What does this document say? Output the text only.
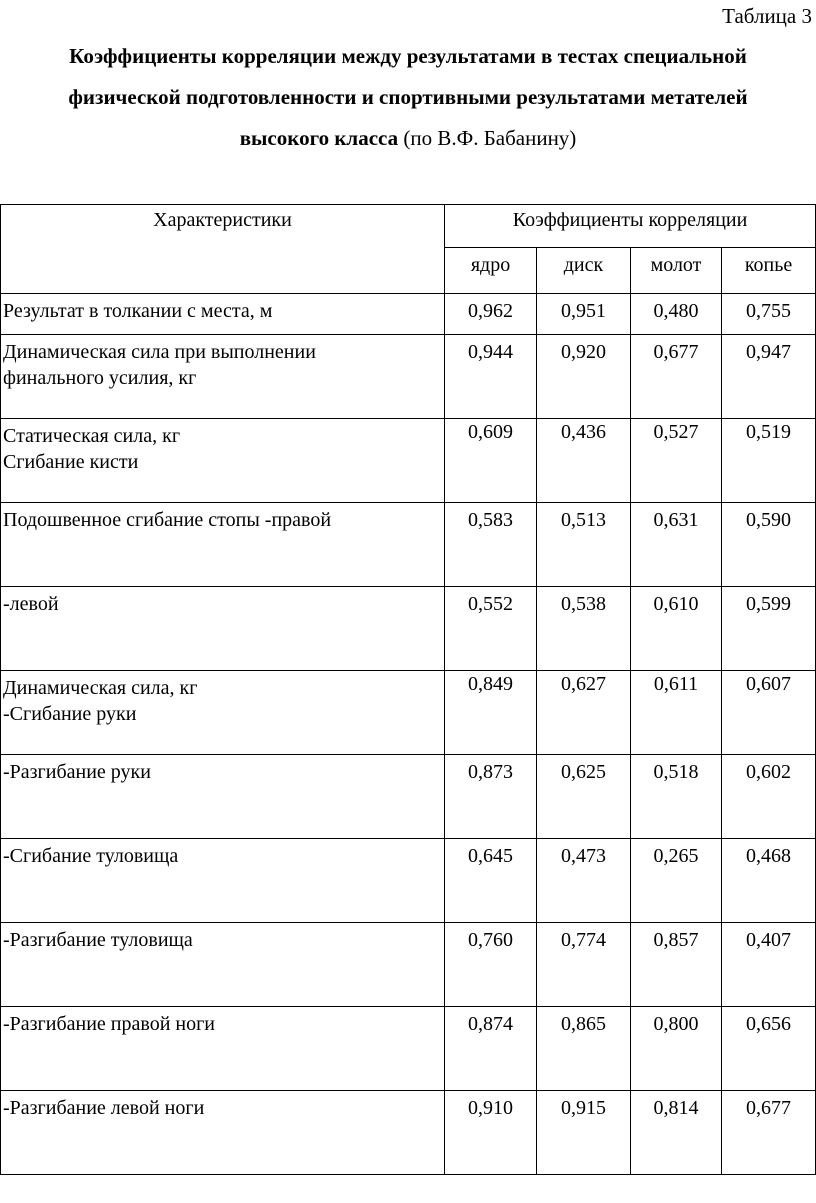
Таблица 3
Коэффициенты корреляции между результатами в тестах специальной
физической подготовленности и спортивными результатами метателей
высокого класса (по В.Ф. Бабанину)
Характеристики	Коэффициенты корреляции			
	ядро	диск	молот	копье

Результат в толкании с места, м	0,962	0,951	0,480	0,755

Динамическая сила при выполнении
финального усилия, кг	0,944	0,920	0,677	0,947

Статическая сила, кг
Сгибание кисти	0,609	0,436	0,527	0,519

Подошвенное сгибание стопы -правой	0,583	0,513	0,631	0,590

-левой	0,552	0,538	0,610	0,599

Динамическая сила, кг
-Сгибание руки	0,849	0,627	0,611	0,607

-Разгибание руки	0,873	0,625	0,518	0,602

-Сгибание туловища	0,645	0,473	0,265	0,468

-Разгибание туловища	0,760	0,774	0,857	0,407

-Разгибание правой ноги	0,874	0,865	0,800	0,656

-Разгибание левой ноги	0,910	0,915	0,814	0,677
